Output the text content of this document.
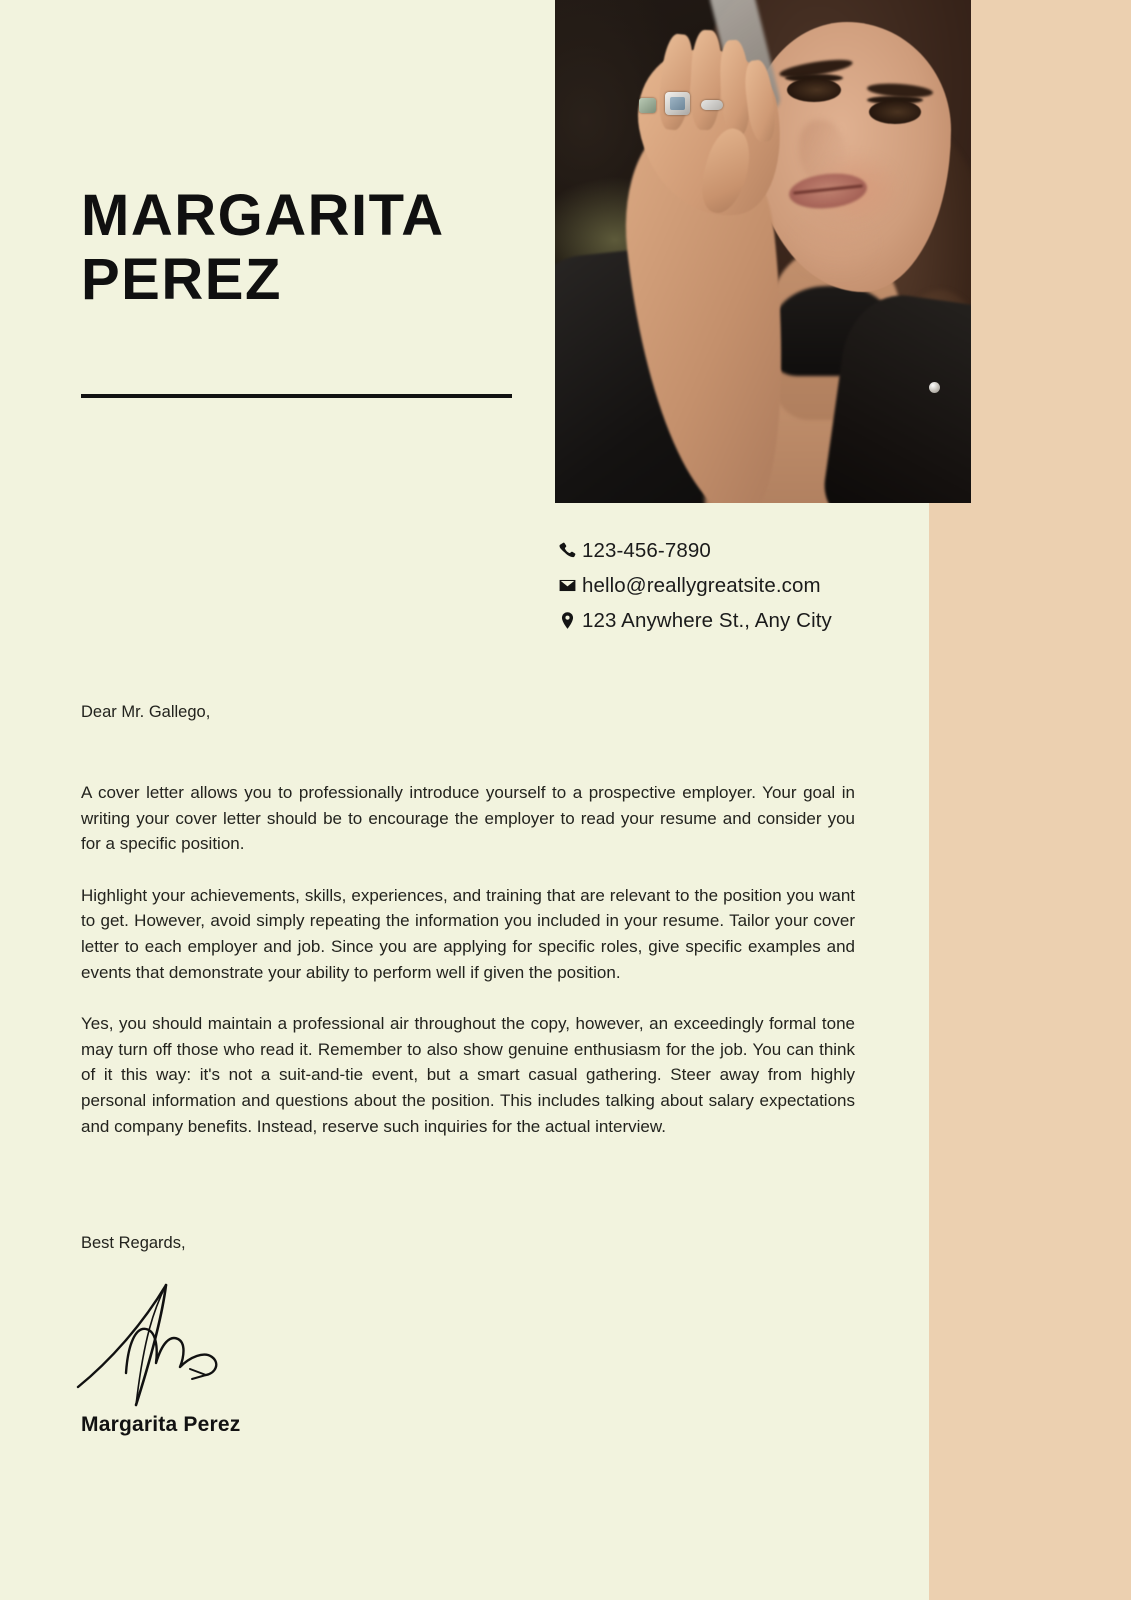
MARGARITA
PEREZ
123-456-7890
hello@reallygreatsite.com
123 Anywhere St., Any City
Dear Mr. Gallego,

A cover letter allows you to professionally introduce yourself to a prospective employer. Your goal in writing your cover letter should be to encourage the employer to read your resume and consider you for a specific position.

Highlight your achievements, skills, experiences, and training that are relevant to the position you want to get. However, avoid simply repeating the information you included in your resume. Tailor your cover letter to each employer and job. Since you are applying for specific roles, give specific examples and events that demonstrate your ability to perform well if given the position.

Yes, you should maintain a professional air throughout the copy, however, an exceedingly formal tone may turn off those who read it. Remember to also show genuine enthusiasm for the job. You can think of it this way: it's not a suit-and-tie event, but a smart casual gathering. Steer away from highly personal information and questions about the position. This includes talking about salary expectations and company benefits. Instead, reserve such inquiries for the actual interview.

Best Regards,
Margarita Perez
